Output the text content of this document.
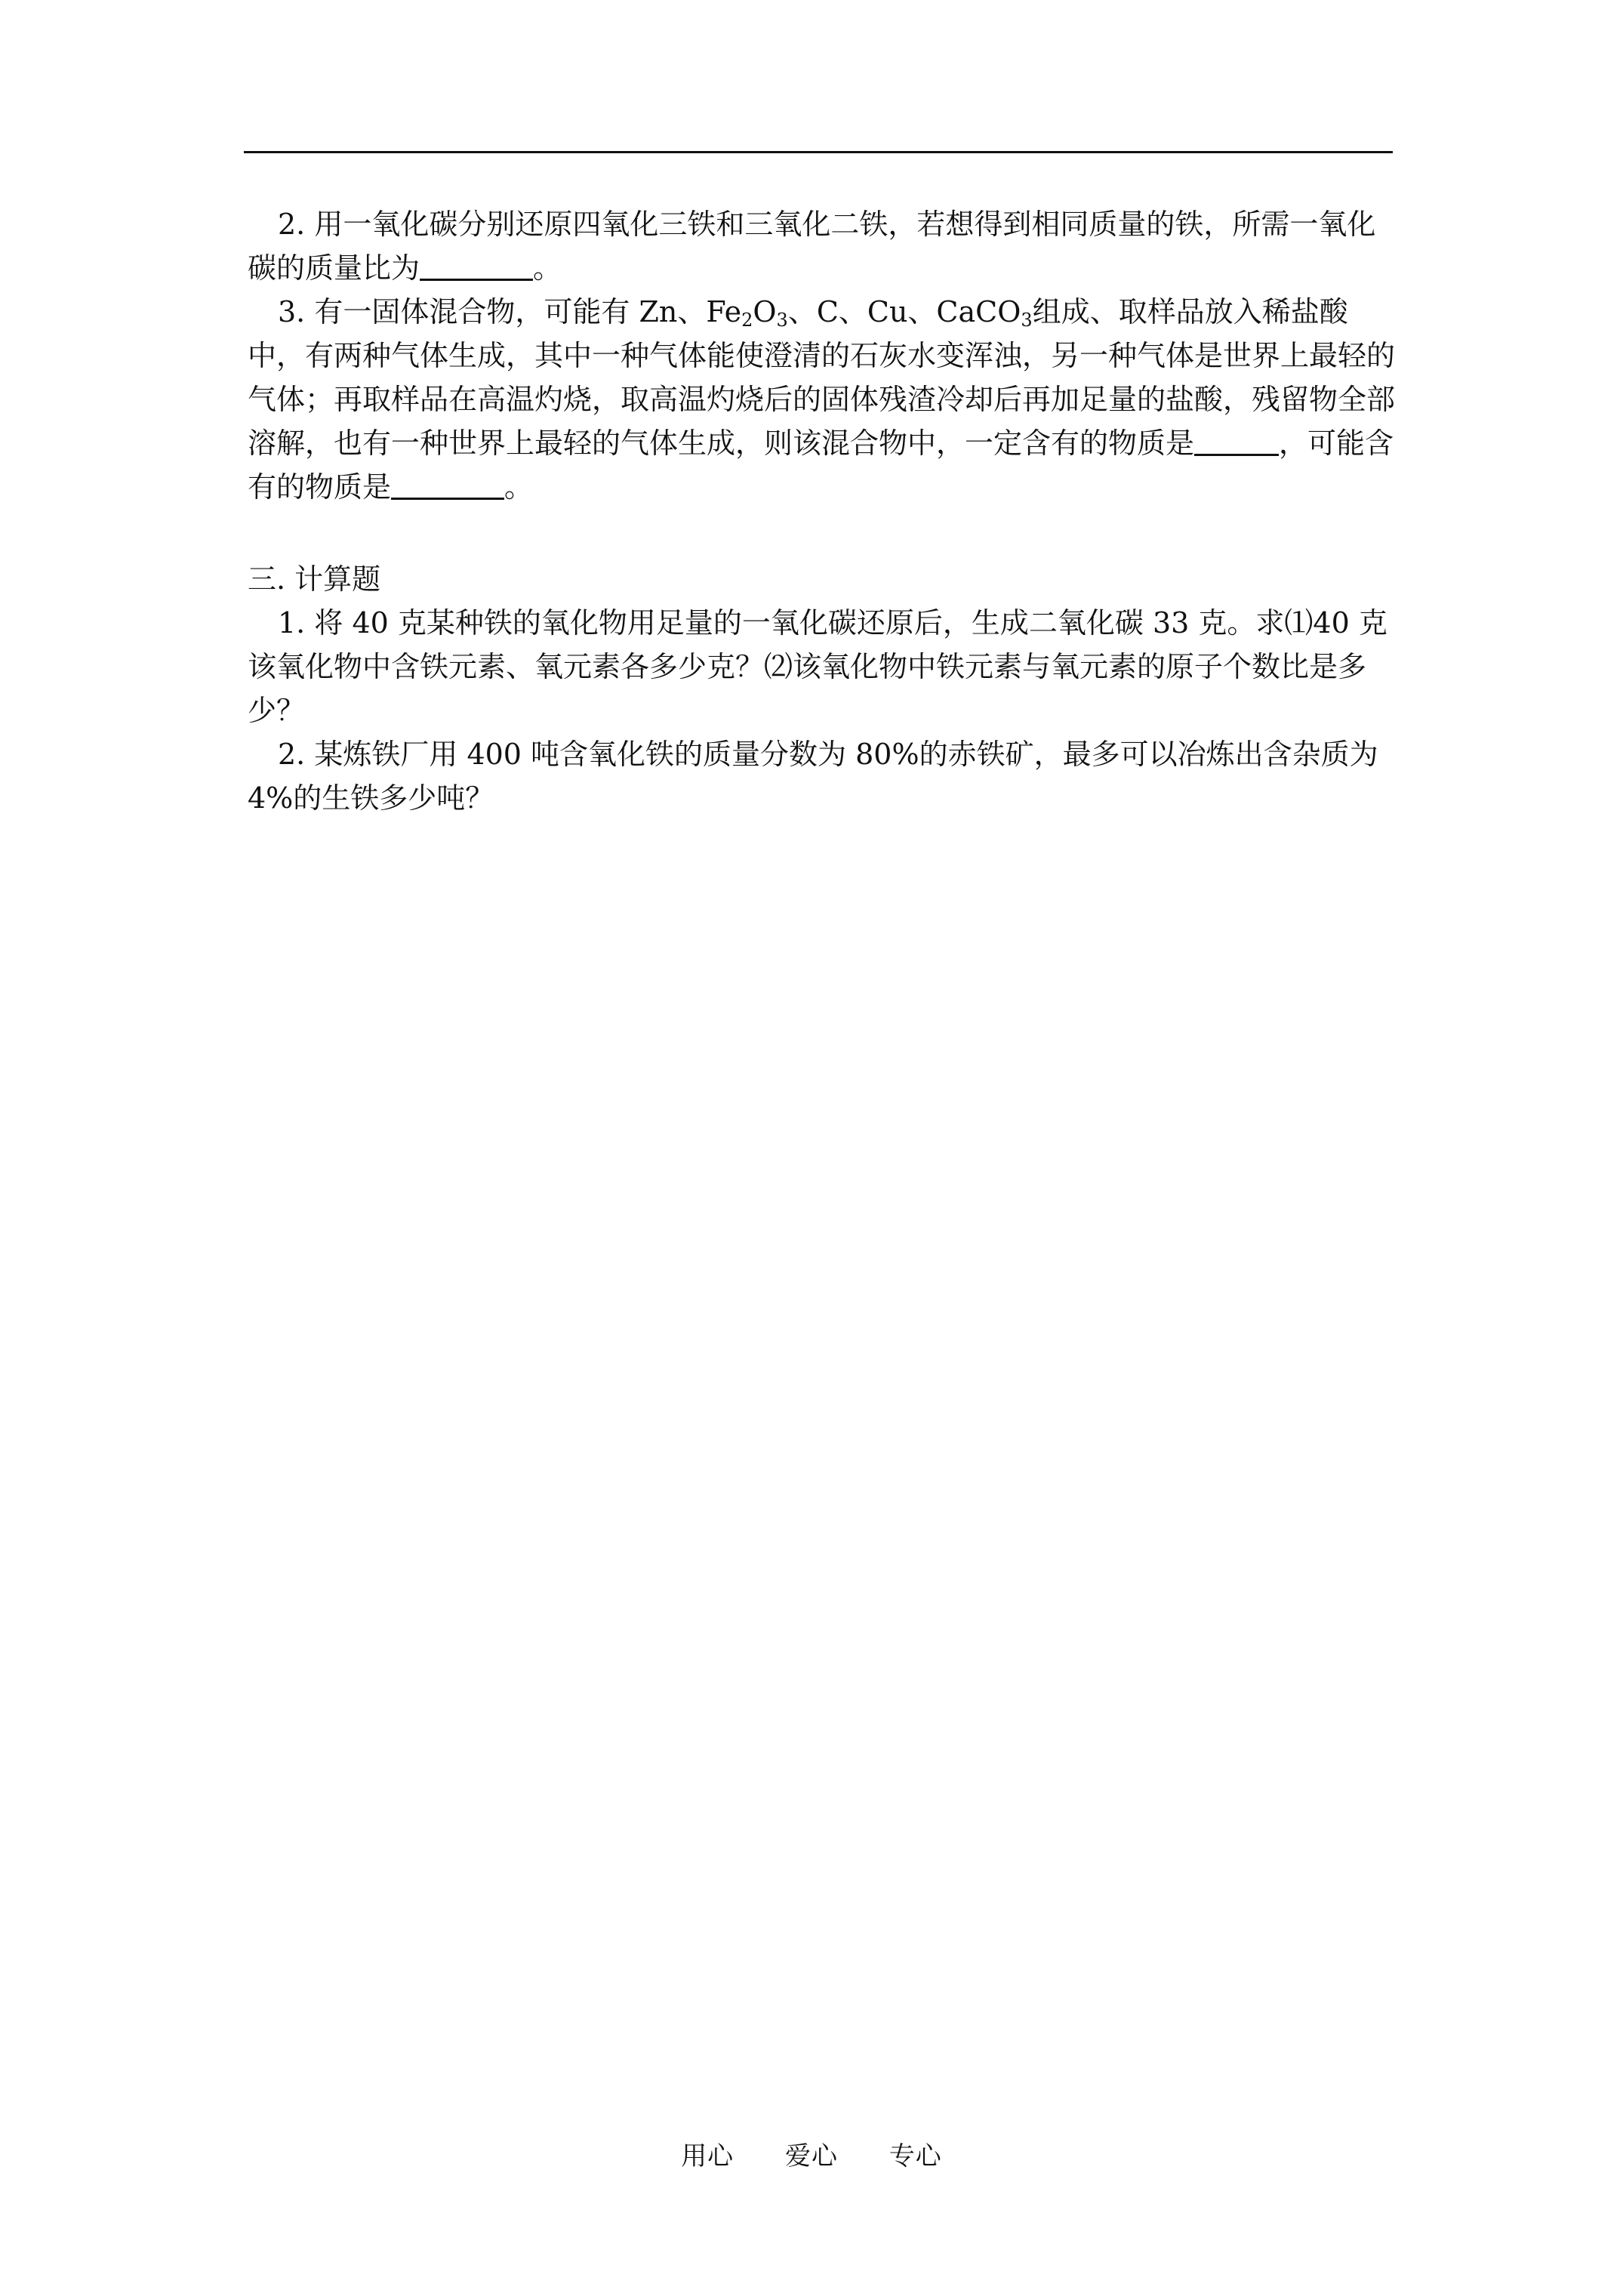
2. 用一氧化碳分别还原四氧化三铁和三氧化二铁，若想得到相同质量的铁，所需一氧化碳的质量比为	。

3. 有一固体混合物，可能有 Zn、$Fe_2O_3$、C、Cu、CaCO$_3$组成、取样品放入稀盐酸中，有两种气体生成，其中一种气体能使澄清的石灰水变浑浊，另一种气体是世界上最轻的气体；再取样品在高温灼烧，取高温灼烧后的固体残渣冷却后再加足量的盐酸，残留物全部溶解，也有一种世界上最轻的气体生成，则该混合物中，一定含有的物质是	，可能含有的物质是	。

三. 计算题

1. 将 40 克某种铁的氧化物用足量的一氧化碳还原后，生成二氧化碳 33 克。求⑴40 克该氧化物中含铁元素、氧元素各多少克？⑵该氧化物中铁元素与氧元素的原子个数比是多少？

2. 某炼铁厂用 400 吨含氧化铁的质量分数为 80%的赤铁矿，最多可以冶炼出含杂质为 4%的生铁多少吨？

用心 爱心 专心
